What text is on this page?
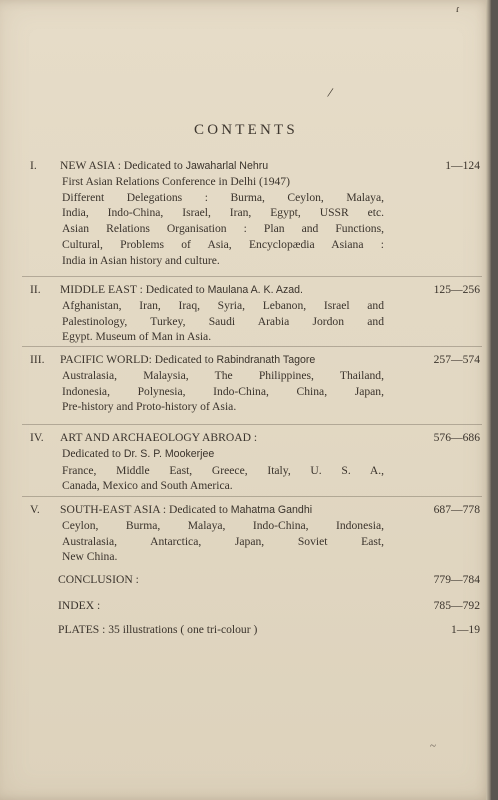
/
ɾ
CONTENTS
I. NEW ASIA : Dedicated to Jawaharlal Nehru	1—124
First Asian Relations Conference in Delhi (1947)
Different Delegations : Burma, Ceylon, Malaya,
India, Indo-China, Israel, Iran, Egypt, USSR etc.
Asian Relations Organisation : Plan and Functions,
Cultural, Problems of Asia, Encyclopædia Asiana :
India in Asian history and culture.
II. MIDDLE EAST : Dedicated to Maulana A. K. Azad.	125—256
Afghanistan, Iran, Iraq, Syria, Lebanon, Israel and
Palestinology, Turkey, Saudi Arabia Jordon and
Egypt. Museum of Man in Asia.
III. PACIFIC WORLD: Dedicated to Rabindranath Tagore	257—574
Australasia, Malaysia, The Philippines, Thailand,
Indonesia, Polynesia, Indo-China, China, Japan,
Pre-history and Proto-history of Asia.
IV. ART AND ARCHAEOLOGY ABROAD :	576—686
Dedicated to Dr. S. P. Mookerjee
France, Middle East, Greece, Italy, U. S. A.,
Canada, Mexico and South America.
V. SOUTH-EAST ASIA : Dedicated to Mahatma Gandhi	687—778
Ceylon, Burma, Malaya, Indo-China, Indonesia,
Australasia, Antarctica, Japan, Soviet East,
New China.
CONCLUSION :	779—784
INDEX :	785—792
PLATES : 35 illustrations ( one tri-colour )	1—19
~
